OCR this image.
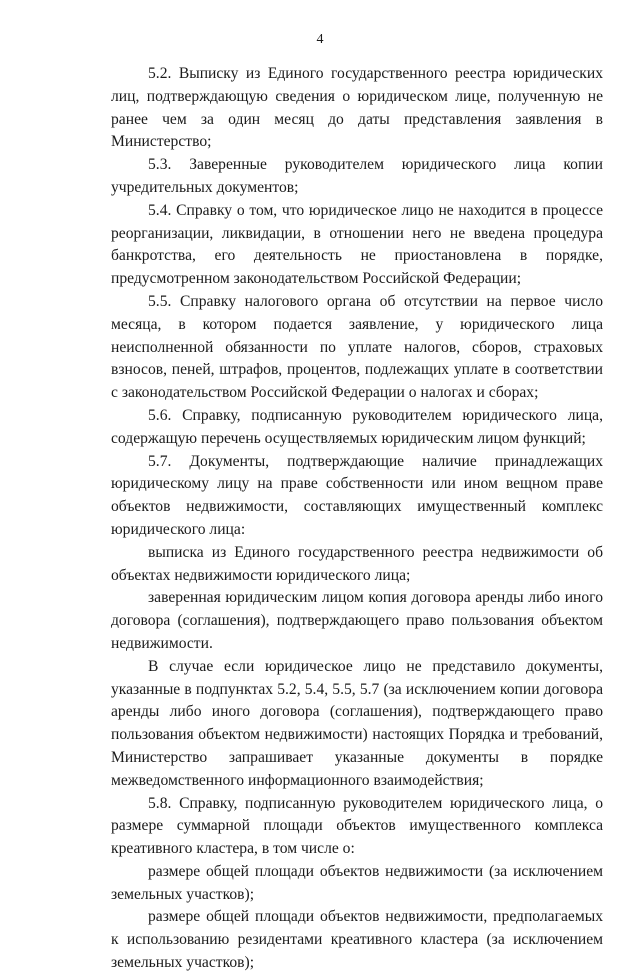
4

5.2. Выписку из Единого государственного реестра юридических лиц, подтверждающую сведения о юридическом лице, полученную не ранее чем за один месяц до даты представления заявления в Министерство;

5.3. Заверенные руководителем юридического лица копии учредительных документов;

5.4. Справку о том, что юридическое лицо не находится в процессе реорганизации, ликвидации, в отношении него не введена процедура банкротства, его деятельность не приостановлена в порядке, предусмотренном законодательством Российской Федерации;

5.5. Справку налогового органа об отсутствии на первое число месяца, в котором подается заявление, у юридического лица неисполненной обязанности по уплате налогов, сборов, страховых взносов, пеней, штрафов, процентов, подлежащих уплате в соответствии с законодательством Российской Федерации о налогах и сборах;

5.6. Справку, подписанную руководителем юридического лица, содержащую перечень осуществляемых юридическим лицом функций;

5.7. Документы, подтверждающие наличие принадлежащих юридическому лицу на праве собственности или ином вещном праве объектов недвижимости, составляющих имущественный комплекс юридического лица:

выписка из Единого государственного реестра недвижимости об объектах недвижимости юридического лица;

заверенная юридическим лицом копия договора аренды либо иного договора (соглашения), подтверждающего право пользования объектом недвижимости.

В случае если юридическое лицо не представило документы, указанные в подпунктах 5.2, 5.4, 5.5, 5.7 (за исключением копии договора аренды либо иного договора (соглашения), подтверждающего право пользования объектом недвижимости) настоящих Порядка и требований, Министерство запрашивает указанные документы в порядке межведомственного информационного взаимодействия;

5.8. Справку, подписанную руководителем юридического лица, о размере суммарной площади объектов имущественного комплекса креативного кластера, в том числе о:

размере общей площади объектов недвижимости (за исключением земельных участков);

размере общей площади объектов недвижимости, предполагаемых к использованию резидентами креативного кластера (за исключением земельных участков);
